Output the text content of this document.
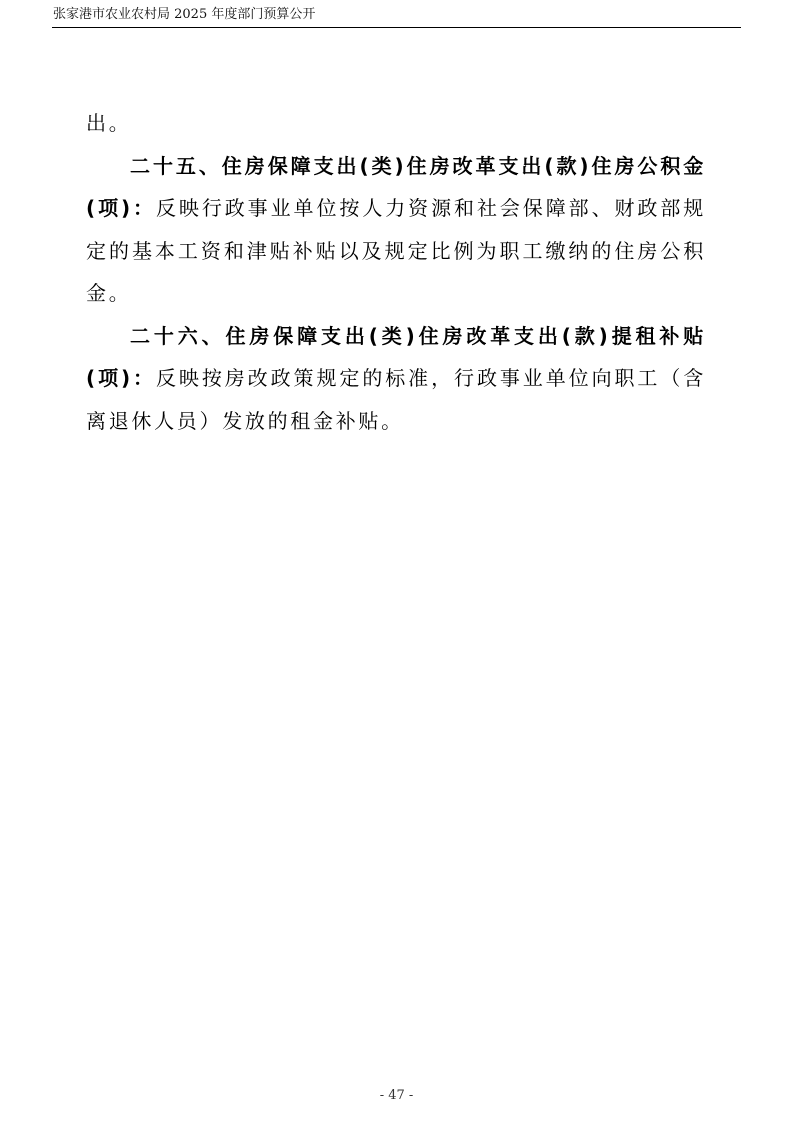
张家港市农业农村局 2025 年度部门预算公开

出。

二十五、住房保障支出(类)住房改革支出(款)住房公积金(项)：反映行政事业单位按人力资源和社会保障部、财政部规定的基本工资和津贴补贴以及规定比例为职工缴纳的住房公积金。

二十六、住房保障支出(类)住房改革支出(款)提租补贴(项)：反映按房改政策规定的标准，行政事业单位向职工（含离退休人员）发放的租金补贴。

- 47 -
